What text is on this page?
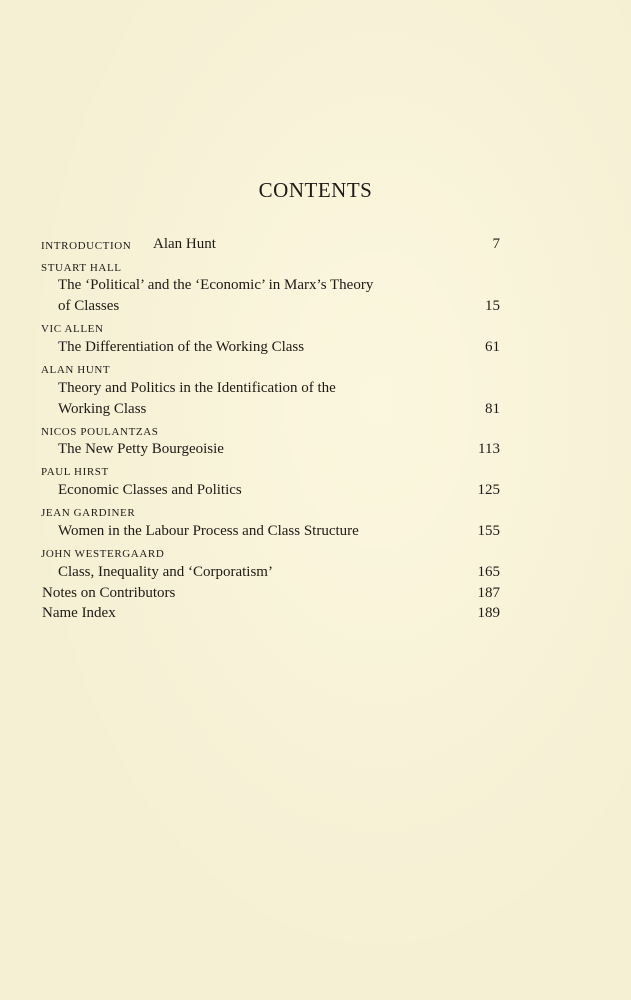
CONTENTS
INTRODUCTION Alan Hunt	7
STUART HALL
The ‘Political’ and the ‘Economic’ in Marx’s Theory
of Classes	15
VIC ALLEN
The Differentiation of the Working Class	61
ALAN HUNT
Theory and Politics in the Identification of the
Working Class	81
NICOS POULANTZAS
The New Petty Bourgeoisie	113
PAUL HIRST
Economic Classes and Politics	125
JEAN GARDINER
Women in the Labour Process and Class Structure	155
JOHN WESTERGAARD
Class, Inequality and ‘Corporatism’	165
Notes on Contributors	187
Name Index	189
